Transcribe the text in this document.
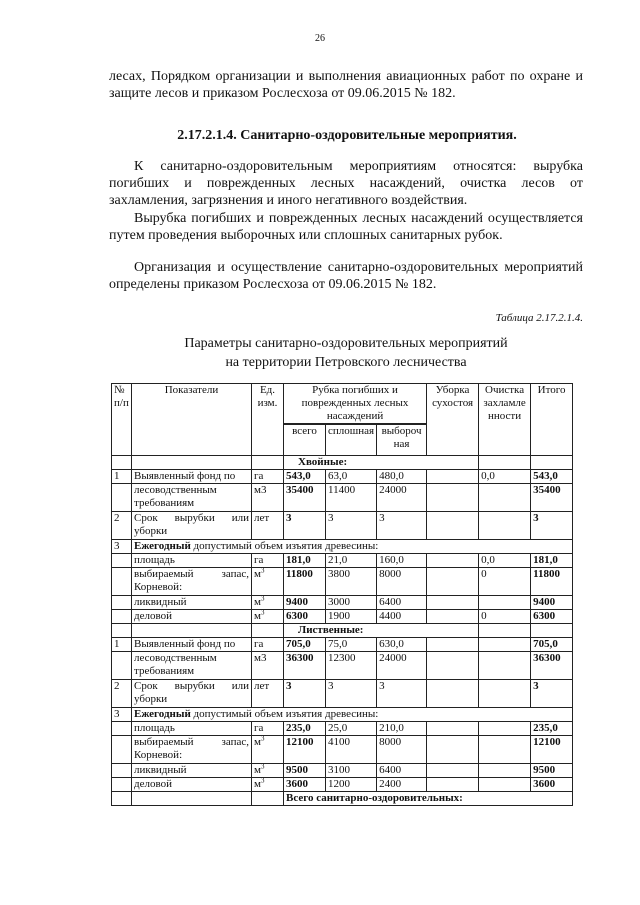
26
лесах, Порядком организации и выполнения авиационных работ по охране и
защите лесов и приказом Рослесхоза от 09.06.2015 № 182.
2.17.2.1.4. Санитарно-оздоровительные мероприятия.
К санитарно-оздоровительным мероприятиям относятся: вырубка погибших и поврежденных лесных насаждений, очистка лесов от захламления, загрязнения и иного негативного воздействия.
Вырубка погибших и поврежденных лесных насаждений осуществляется путем проведения выборочных или сплошных санитарных рубок.
Организация и осуществление санитарно-оздоровительных мероприятий определены приказом Рослесхоза от 09.06.2015 № 182.
Таблица 2.17.2.1.4.
Параметры санитарно-оздоровительных мероприятий
на территории Петровского лесничества
№ п/п	Показатели	Ед. изм.	Рубка погибших и поврежденных лесных насаждений			Уборка сухостоя	Очистка захламле нности	Итого

			всего	сплошная	выбороч ная			
			Хвойные:					
1	Выявленный фонд по	га	543,0	63,0	480,0		0,0	543,0
	лесоводственным требованиям	м3	35400	11400	24000			35400
2	Срок вырубки или уборки	лет	3	3	3			3
3	Ежегодный допустимый объем изъятия древесины:							
	площадь	га	181,0	21,0	160,0		0,0	181,0
	выбираемый запас, Корневой:	$м^3$	11800	3800	8000		0	11800
	ликвидный	$м^3$	9400	3000	6400			9400
	деловой	$м^3$	6300	1900	4400		0	6300
			Лиственные:					
1	Выявленный фонд по	га	705,0	75,0	630,0			705,0
	лесоводственным требованиям	м3	36300	12300	24000			36300
2	Срок вырубки или уборки	лет	3	3	3			3
3	Ежегодный допустимый объем изъятия древесины:							
	площадь	га	235,0	25,0	210,0			235,0
	выбираемый запас, Корневой:	$м^3$	12100	4100	8000			12100
	ликвидный	$м^3$	9500	3100	6400			9500
	деловой	$м^3$	3600	1200	2400			3600
			Всего санитарно-оздоровительных:					
